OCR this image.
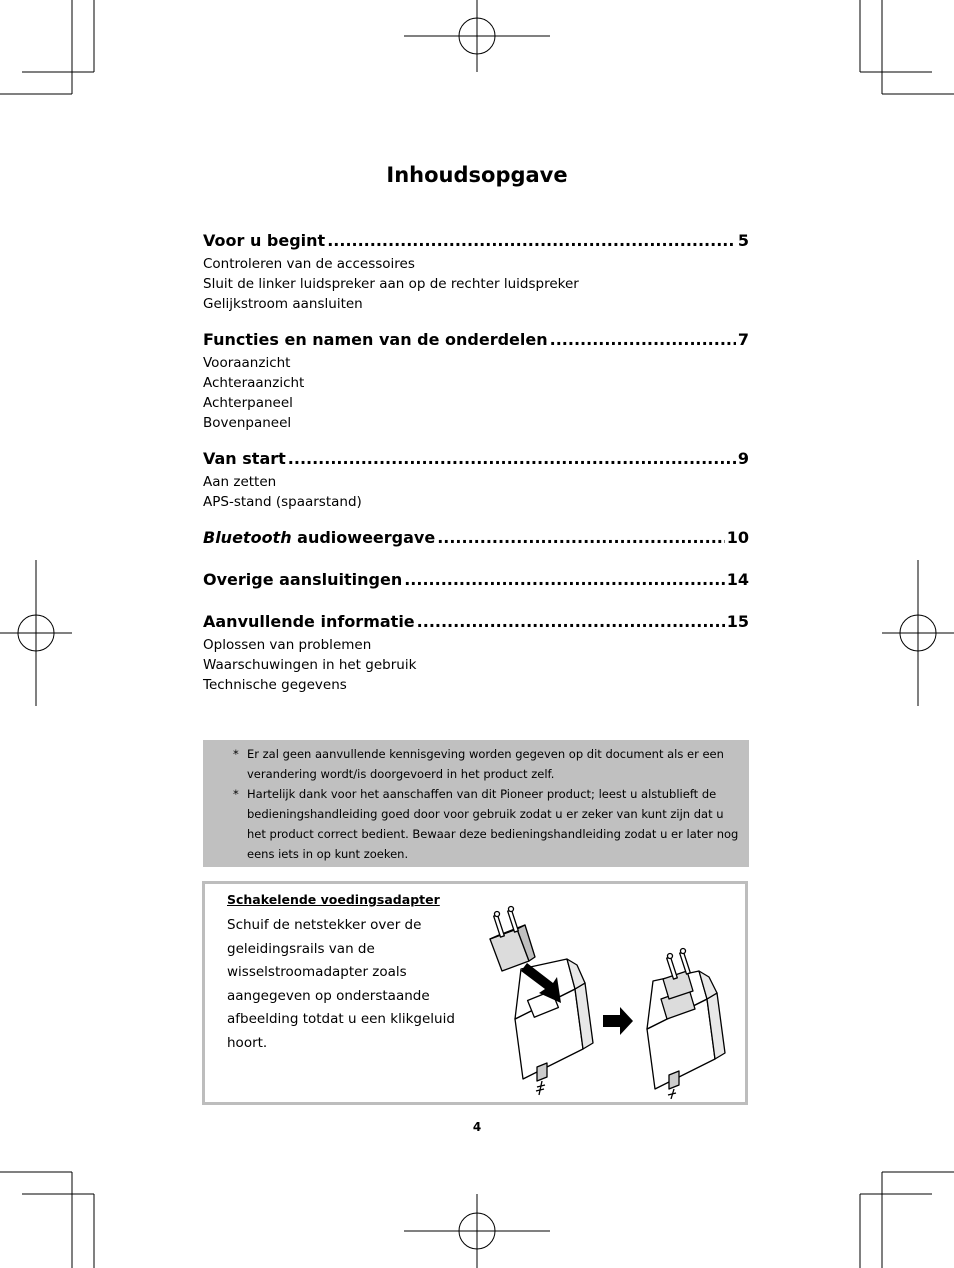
Inhoudsopgave
Voor u begint .....	5
Controleren van de accessoires
Sluit de linker luidspreker aan op de rechter luidspreker
Gelijkstroom aansluiten
Functies en namen van de onderdelen .....	7
Vooraanzicht
Achteraanzicht
Achterpaneel
Bovenpaneel
Van start .....	9
Aan zetten
APS-stand (spaarstand)
Bluetooth audioweergave .....	10
Overige aansluitingen .....	14
Aanvullende informatie .....	15
Oplossen van problemen
Waarschuwingen in het gebruik
Technische gegevens
* Er zal geen aanvullende kennisgeving worden gegeven op dit document als er een verandering wordt/is doorgevoerd in het product zelf.
* Hartelijk dank voor het aanschaffen van dit Pioneer product; leest u alstublieft de bedieningshandleiding goed door voor gebruik zodat u er zeker van kunt zijn dat u het product correct bedient. Bewaar deze bedieningshandleiding zodat u er later nog eens iets in op kunt zoeken.
Schakelende voedingsadapter
Schuif de netstekker over de geleidingsrails van de wisselstroomadapter zoals aangegeven op onderstaande afbeelding totdat u een klikgeluid hoort.
4
